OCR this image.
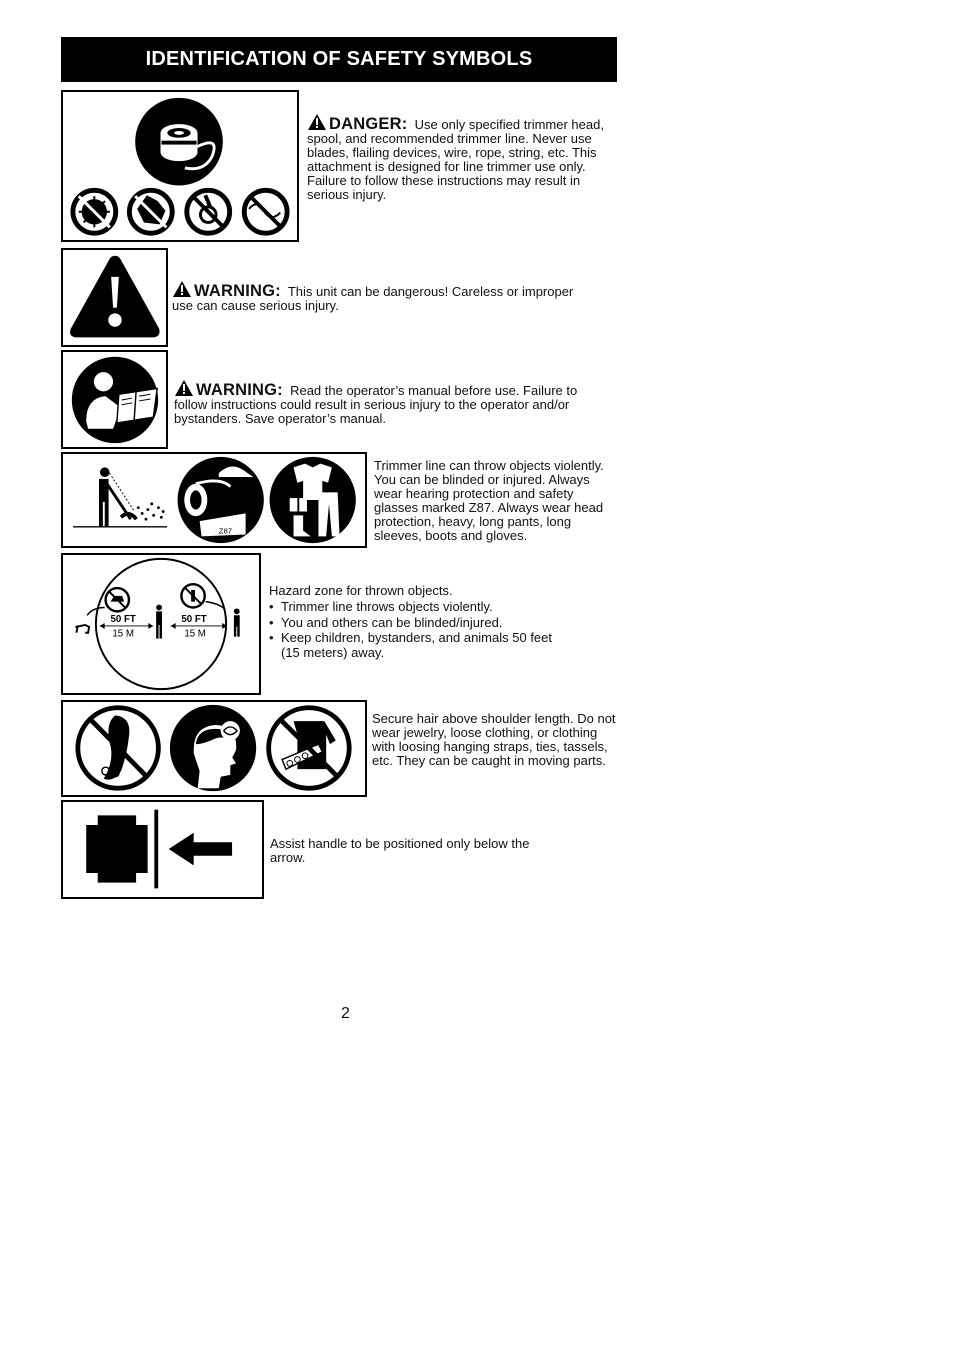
IDENTIFICATION OF SAFETY SYMBOLS
DANGER: Use only specified trimmer head, spool, and recommended trimmer line. Never use blades, flailing devices, wire, rope, string, etc. This attachment is designed for line trimmer use only. Failure to follow these instructions may result in serious injury.
WARNING: This unit can be dangerous! Careless or improper use can cause serious injury.
WARNING: Read the operator’s manual before use. Failure to follow instructions could result in serious injury to the operator and/or bystanders. Save operator’s manual.
Z87
Trimmer line can throw objects violently. You can be blinded or injured. Always wear hearing protection and safety glasses marked Z87. Always wear head protection, heavy, long pants, long sleeves, boots and gloves.
50 FT
15 M
50 FT
15 M
Hazard zone for thrown objects.
• Trimmer line throws objects violently.
• You and others can be blinded/injured.
• Keep children, bystanders, and animals 50 feet (15 meters) away.
Secure hair above shoulder length. Do not wear jewelry, loose clothing, or clothing with loosing hanging straps, ties, tassels, etc. They can be caught in moving parts.
Assist handle to be positioned only below the arrow.
2
